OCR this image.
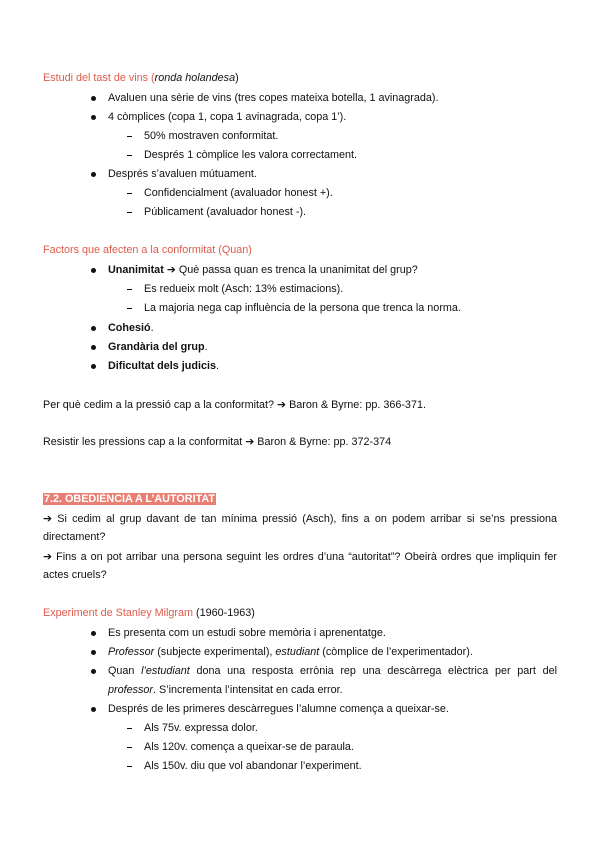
Estudi del tast de vins (ronda holandesa)
Avaluen una sèrie de vins (tres copes mateixa botella, 1 avinagrada).
4 còmplices (copa 1, copa 1 avinagrada, copa 1’).
50% mostraven conformitat.
Després 1 còmplice les valora correctament.
Després s’avaluen mútuament.
Confidencialment (avaluador honest +).
Públicament (avaluador honest -).
Factors que afecten a la conformitat (Quan)
Unanimitat ➔ Què passa quan es trenca la unanimitat del grup?
Es redueix molt (Asch: 13% estimacions).
La majoria nega cap influència de la persona que trenca la norma.
Cohesió.
Grandària del grup.
Dificultat dels judicis.
Per què cedim a la pressió cap a la conformitat? ➔ Baron & Byrne: pp. 366-371.
Resistir les pressions cap a la conformitat ➔ Baron & Byrne: pp. 372-374
7.2. OBEDIÈNCIA A L’AUTORITAT
➔ Si cedim al grup davant de tan mínima pressió (Asch), fins a on podem arribar si se’ns pressiona
directament?
➔ Fins a on pot arribar una persona seguint les ordres d’una “autoritat”? Obeirà ordres que impliquin fer
actes cruels?
Experiment de Stanley Milgram (1960-1963)
Es presenta com un estudi sobre memòria i aprenentatge.
Professor (subjecte experimental), estudiant (còmplice de l’experimentador).
Quan l’estudiant dona una resposta errònia rep una descàrrega elèctrica per part del
professor. S’incrementa l’intensitat en cada error.
Després de les primeres descàrregues l’alumne comença a queixar-se.
Als 75v. expressa dolor.
Als 120v. comença a queixar-se de paraula.
Als 150v. diu que vol abandonar l’experiment.
